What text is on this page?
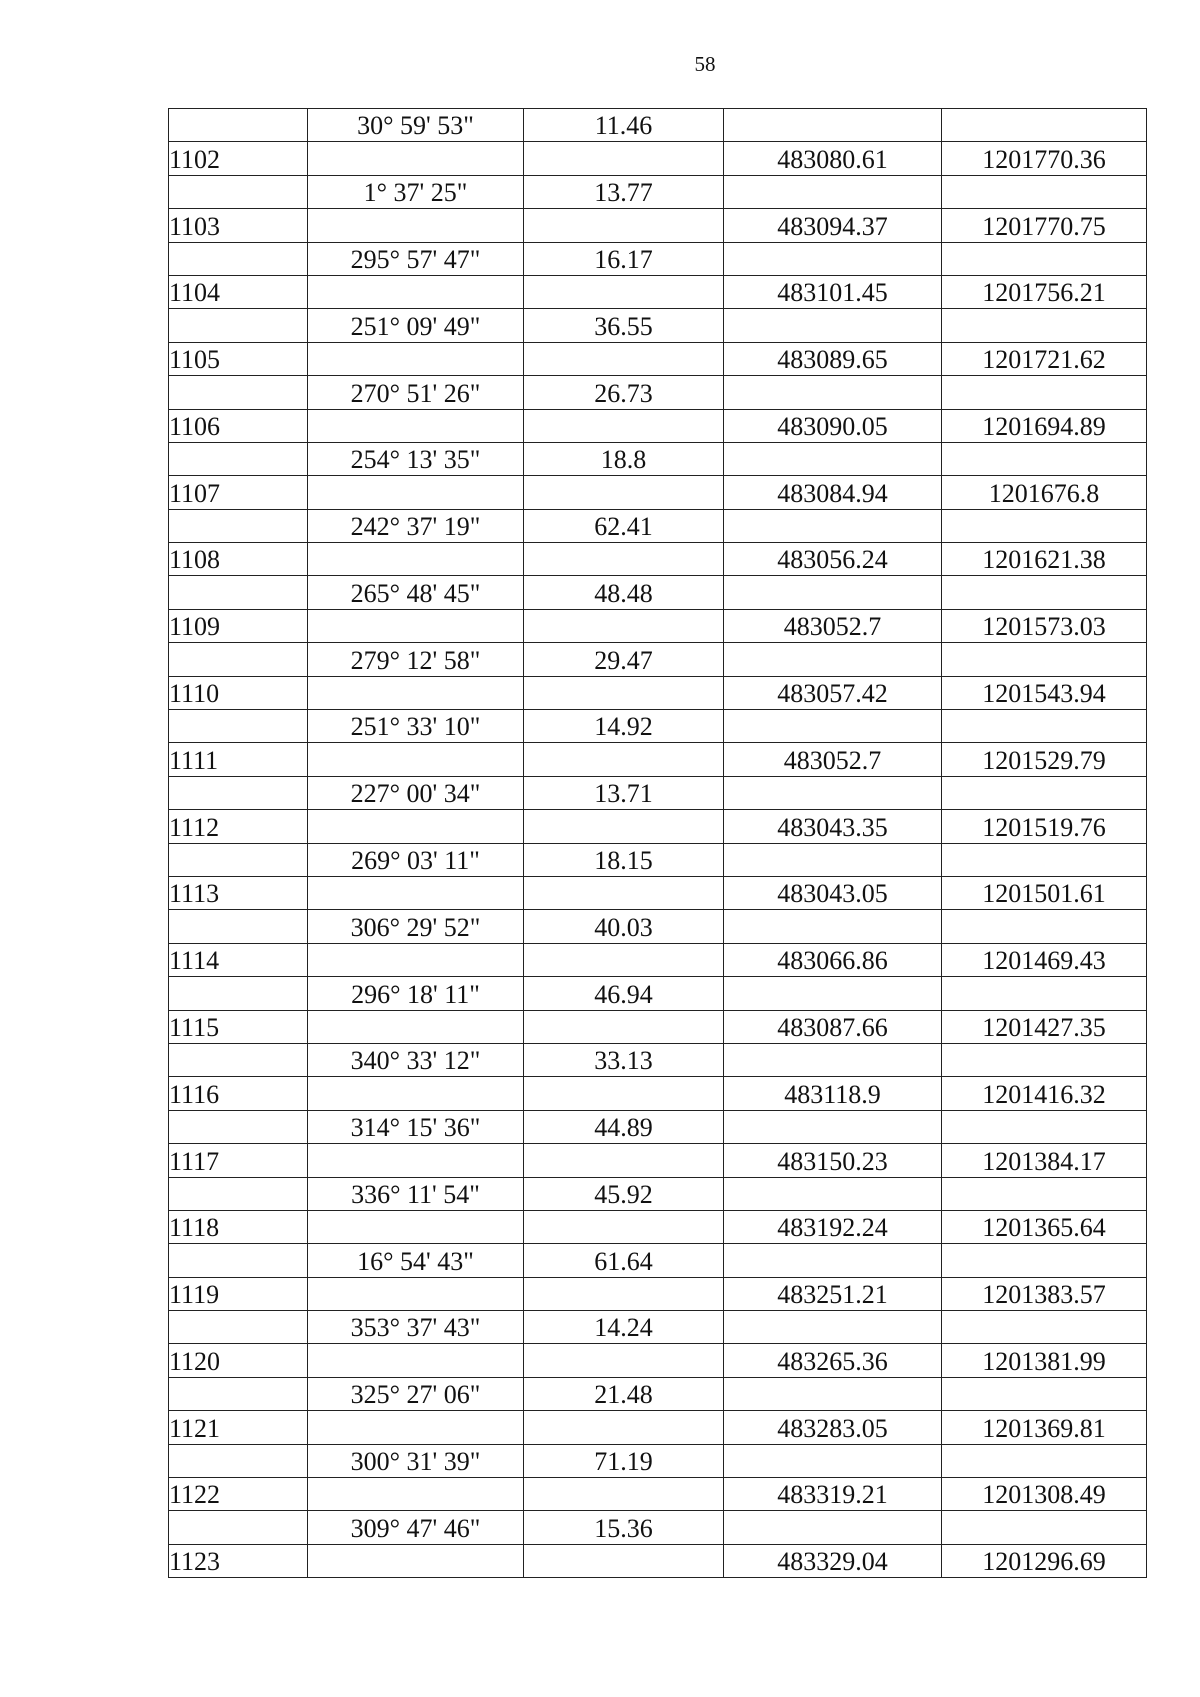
58
	30° 59' 53"	11.46		
1102			483080.61	1201770.36
	1° 37' 25"	13.77		
1103			483094.37	1201770.75
	295° 57' 47"	16.17		
1104			483101.45	1201756.21
	251° 09' 49"	36.55		
1105			483089.65	1201721.62
	270° 51' 26"	26.73		
1106			483090.05	1201694.89
	254° 13' 35"	18.8		
1107			483084.94	1201676.8
	242° 37' 19"	62.41		
1108			483056.24	1201621.38
	265° 48' 45"	48.48		
1109			483052.7	1201573.03
	279° 12' 58"	29.47		
1110			483057.42	1201543.94
	251° 33' 10"	14.92		
1111			483052.7	1201529.79
	227° 00' 34"	13.71		
1112			483043.35	1201519.76
	269° 03' 11"	18.15		
1113			483043.05	1201501.61
	306° 29' 52"	40.03		
1114			483066.86	1201469.43
	296° 18' 11"	46.94		
1115			483087.66	1201427.35
	340° 33' 12"	33.13		
1116			483118.9	1201416.32
	314° 15' 36"	44.89		
1117			483150.23	1201384.17
	336° 11' 54"	45.92		
1118			483192.24	1201365.64
	16° 54' 43"	61.64		
1119			483251.21	1201383.57
	353° 37' 43"	14.24		
1120			483265.36	1201381.99
	325° 27' 06"	21.48		
1121			483283.05	1201369.81
	300° 31' 39"	71.19		
1122			483319.21	1201308.49
	309° 47' 46"	15.36		
1123			483329.04	1201296.69
